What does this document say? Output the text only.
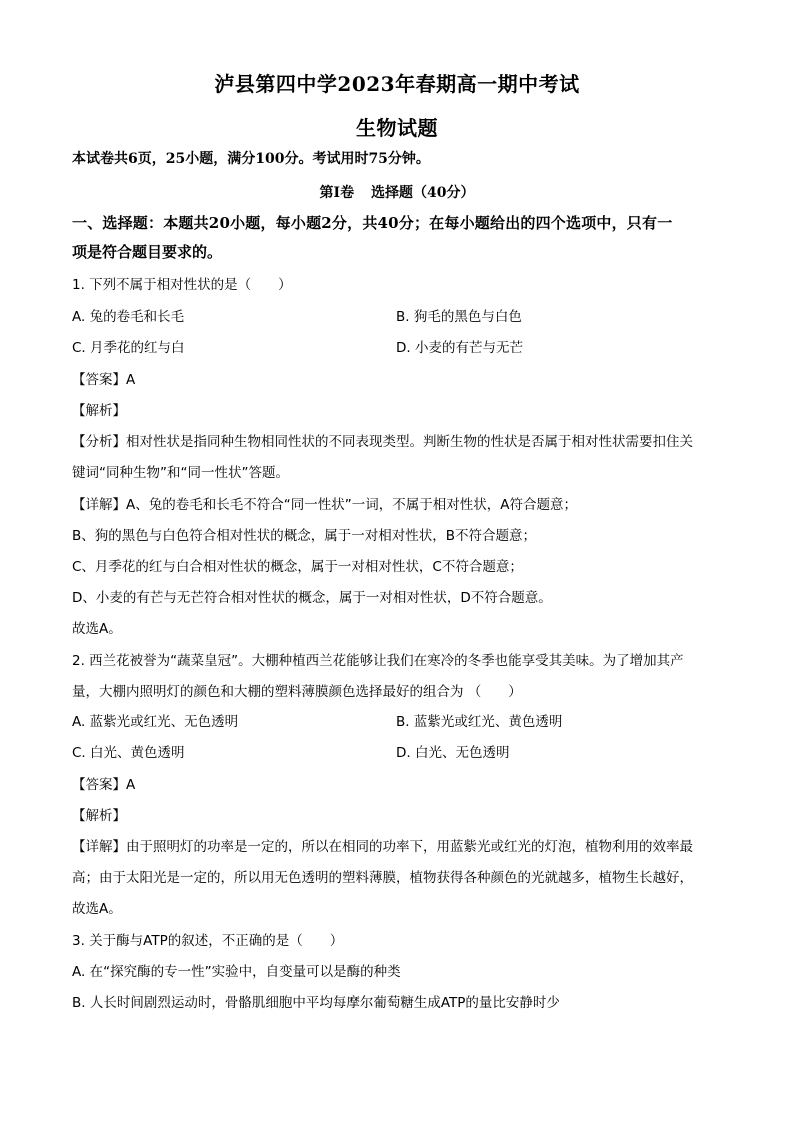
泸县第四中学2023年春期高一期中考试
生物试题
本试卷共6页，25小题，满分100分。考试用时75分钟。
第Ⅰ卷 选择题（40分）
一、选择题：本题共20小题，每小题2分，共40分；在每小题给出的四个选项中，只有一
项是符合题目要求的。
1. 下列不属于相对性状的是（　　）
A. 兔的卷毛和长毛	B. 狗毛的黑色与白色
C. 月季花的红与白	D. 小麦的有芒与无芒
【答案】A
【解析】
【分析】相对性状是指同种生物相同性状的不同表现类型。判断生物的性状是否属于相对性状需要扣住关
键词“同种生物”和“同一性状”答题。
【详解】A、兔的卷毛和长毛不符合“同一性状”一词，不属于相对性状，A符合题意；
B、狗的黑色与白色符合相对性状的概念，属于一对相对性状，B不符合题意；
C、月季花的红与白合相对性状的概念，属于一对相对性状，C不符合题意；
D、小麦的有芒与无芒符合相对性状的概念，属于一对相对性状，D不符合题意。
故选A。
2. 西兰花被誉为“蔬菜皇冠”。大棚种植西兰花能够让我们在寒冷的冬季也能享受其美味。为了增加其产
量，大棚内照明灯的颜色和大棚的塑料薄膜颜色选择最好的组合为 （　　）
A. 蓝紫光或红光、无色透明	B. 蓝紫光或红光、黄色透明
C. 白光、黄色透明	D. 白光、无色透明
【答案】A
【解析】
【详解】由于照明灯的功率是一定的，所以在相同的功率下，用蓝紫光或红光的灯泡，植物利用的效率最
高；由于太阳光是一定的，所以用无色透明的塑料薄膜，植物获得各种颜色的光就越多，植物生长越好，
故选A。
3. 关于酶与ATP的叙述，不正确的是（　　）
A. 在“探究酶的专一性”实验中，自变量可以是酶的种类
B. 人长时间剧烈运动时，骨骼肌细胞中平均每摩尔葡萄糖生成ATP的量比安静时少
